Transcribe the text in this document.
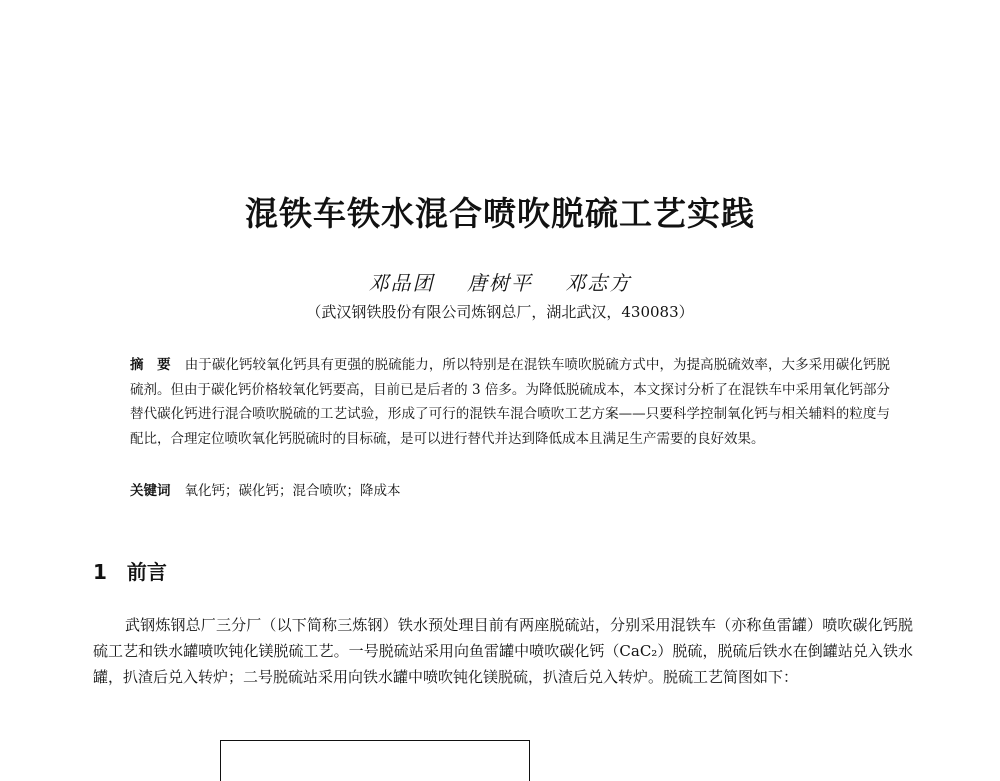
混铁车铁水混合喷吹脱硫工艺实践
邓品团 唐树平 邓志方
（武汉钢铁股份有限公司炼钢总厂，湖北武汉，430083）
摘　要 由于碳化钙较氧化钙具有更强的脱硫能力，所以特别是在混铁车喷吹脱硫方式中，为提高脱硫效率，大多采用碳化钙脱硫剂。但由于碳化钙价格较氧化钙要高，目前已是后者的 3 倍多。为降低脱硫成本，本文探讨分析了在混铁车中采用氧化钙部分替代碳化钙进行混合喷吹脱硫的工艺试验，形成了可行的混铁车混合喷吹工艺方案——只要科学控制氧化钙与相关辅料的粒度与配比，合理定位喷吹氧化钙脱硫时的目标硫，是可以进行替代并达到降低成本且满足生产需要的良好效果。
关键词 氧化钙；碳化钙；混合喷吹；降成本
1 前言

武钢炼钢总厂三分厂（以下简称三炼钢）铁水预处理目前有两座脱硫站，分别采用混铁车（亦称鱼雷罐）喷吹碳化钙脱硫工艺和铁水罐喷吹钝化镁脱硫工艺。一号脱硫站采用向鱼雷罐中喷吹碳化钙（CaC₂）脱硫，脱硫后铁水在倒罐站兑入铁水罐，扒渣后兑入转炉；二号脱硫站采用向铁水罐中喷吹钝化镁脱硫，扒渣后兑入转炉。脱硫工艺简图如下：
